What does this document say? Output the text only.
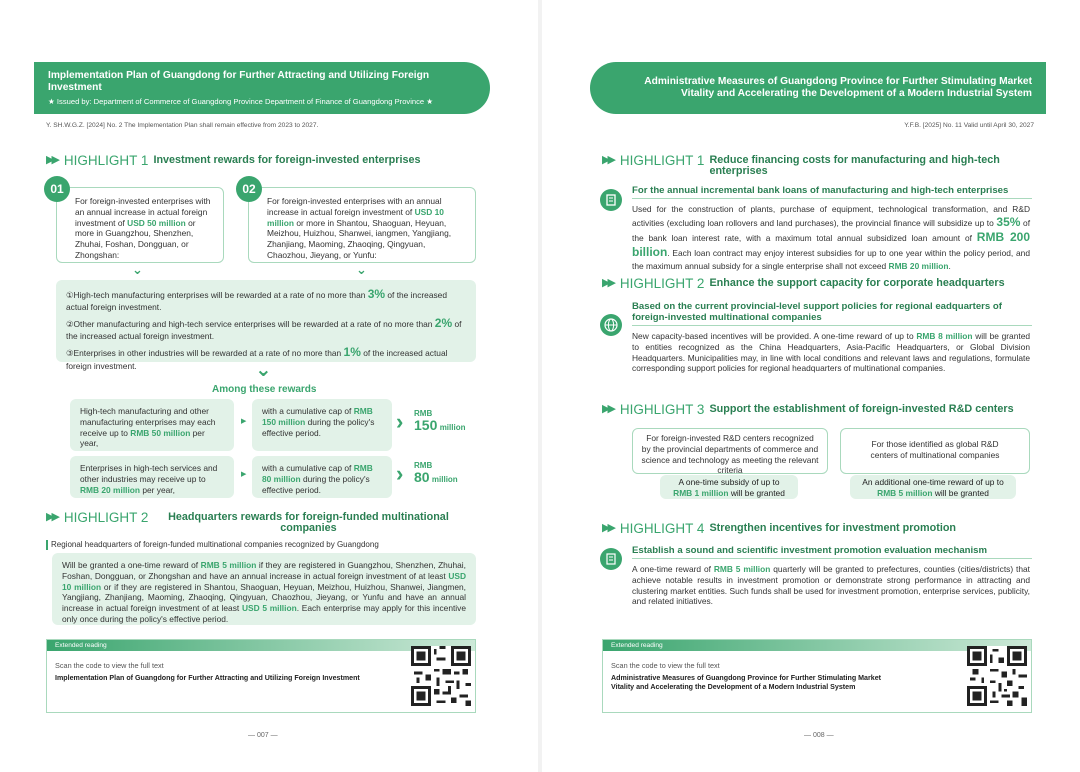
Implementation Plan of Guangdong for Further Attracting and Utilizing Foreign Investment
★ Issued by: Department of Commerce of Guangdong Province Department of Finance of Guangdong Province ★
Y. SH.W.G.Z. [2024] No. 2 The Implementation Plan shall remain effective from 2023 to 2027.
▶▶ HIGHLIGHT 1 Investment rewards for foreign-invested enterprises
For foreign-invested enterprises with an annual increase in actual foreign investment of USD 50 million or more in Guangzhou, Shenzhen, Zhuhai, Foshan, Dongguan, or Zhongshan:
01
⌄
For foreign-invested enterprises with an annual increase in actual foreign investment of USD 10 million or more in Shantou, Shaoguan, Heyuan, Meizhou, Huizhou, Shanwei, iangmen, Yangjiang, Zhanjiang, Maoming, Zhaoqing, Qingyuan, Chaozhou, Jieyang, or Yunfu:
02
⌄
①High-tech manufacturing enterprises will be rewarded at a rate of no more than 3% of the increased actual foreign investment.
②Other manufacturing and high-tech service enterprises will be rewarded at a rate of no more than 2% of the increased actual foreign investment.
③Enterprises in other industries will be rewarded at a rate of no more than 1% of the increased actual foreign investment.	⌄
Among these rewards
High-tech manufacturing and other manufacturing enterprises may each receive up to RMB 50 million per year,
▶
with a cumulative cap of RMB 150 million during the policy's effective period.	› RMB
150 million
Enterprises in high-tech services and other industries may receive up to RMB 20 million per year,
▶
with a cumulative cap of RMB 80 million during the policy's effective period.
› RMB
80 million
▶▶ HIGHLIGHT 2	Headquarters rewards for foreign-funded multinational companies
Regional headquarters of foreign-funded multinational companies recognized by Guangdong
Will be granted a one-time reward of RMB 5 million if they are registered in Guangzhou, Shenzhen, Zhuhai, Foshan, Dongguan, or Zhongshan and have an annual increase in actual foreign investment of at least USD 10 million or if they are registered in Shantou, Shaoguan, Heyuan, Meizhou, Huizhou, Shanwei, Jiangmen, Yangjiang, Zhanjiang, Maoming, Zhaoqing, Qingyuan, Chaozhou, Jieyang, or Yunfu and have an annual increase in actual foreign investment of at least USD 5 million. Each enterprise may apply for this incentive only once during the policy's effective period.
Extended reading
Scan the code to view the full text
Implementation Plan of Guangdong for Further Attracting and Utilizing Foreign Investment
— 007 —
Administrative Measures of Guangdong Province for Further Stimulating Market
Vitality and Accelerating the Development of a Modern Industrial System
Y.F.B. [2025] No. 11 Valid until April 30, 2027
▶▶ HIGHLIGHT 1 Reduce financing costs for manufacturing and high-tech enterprises
For the annual incremental bank loans of manufacturing and high-tech enterprises
Used for the construction of plants, purchase of equipment, technological transformation, and R&D activities (excluding loan rollovers and land purchases), the provincial finance will subsidize up to 35% of the bank loan interest rate, with a maximum total annual subsidized loan amount of RMB 200 billion. Each loan contract may enjoy interest subsidies for up to one year within the policy period, and the maximum annual subsidy for a single enterprise shall not exceed RMB 20 million.
▶▶ HIGHLIGHT 2 Enhance the support capacity for corporate headquarters
Based on the current provincial-level support policies for regional eadquarters of foreign-invested multinational companies
New capacity-based incentives will be provided. A one-time reward of up to RMB 8 million will be granted to entities recognized as the China Headquarters, Asia-Pacific Headquarters, or Global Division Headquarters. Municipalities may, in line with local conditions and relevant laws and regulations, formulate corresponding support policies for regional headquarters of multinational companies.
▶▶ HIGHLIGHT 3 Support the establishment of foreign-invested R&D centers
For foreign-invested R&D centers recognized by the provincial departments of commerce and science and technology as meeting the relevant criteria
A one-time subsidy of up to
RMB 1 million will be granted
For those identified as global R&D centers of multinational companies
An additional one-time reward of up to
RMB 5 million will be granted
▶▶ HIGHLIGHT 4 Strengthen incentives for investment promotion
Establish a sound and scientific investment promotion evaluation mechanism
A one-time reward of RMB 5 million quarterly will be granted to prefectures, counties (cities/districts) that achieve notable results in investment promotion or demonstrate strong performance in attracting and clustering market entities. Such funds shall be used for investment promotion, enterprise services, publicity, and related initiatives.
Extended reading
Scan the code to view the full text
Administrative Measures of Guangdong Province for Further Stimulating Market
Vitality and Accelerating the Development of a Modern Industrial System
— 008 —
